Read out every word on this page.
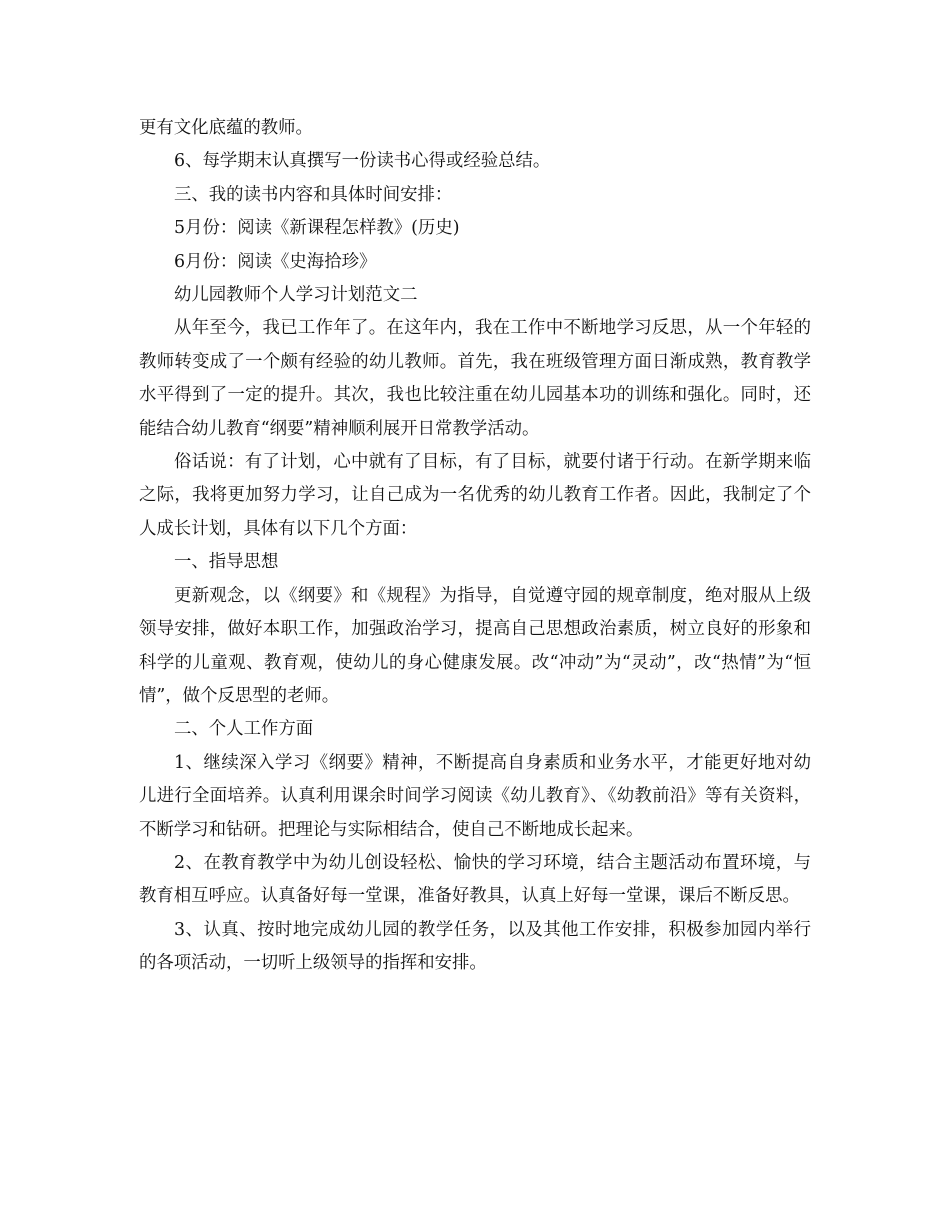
更有文化底蕴的教师。

6、每学期末认真撰写一份读书心得或经验总结。

三、我的读书内容和具体时间安排：

5月份：阅读《新课程怎样教》(历史)

6月份：阅读《史海拾珍》

幼儿园教师个人学习计划范文二

从年至今，我已工作年了。在这年内，我在工作中不断地学习反思，从一个年轻的教师转变成了一个颇有经验的幼儿教师。首先，我在班级管理方面日渐成熟，教育教学水平得到了一定的提升。其次，我也比较注重在幼儿园基本功的训练和强化。同时，还能结合幼儿教育“纲要”精神顺利展开日常教学活动。

俗话说：有了计划，心中就有了目标，有了目标，就要付诸于行动。在新学期来临之际，我将更加努力学习，让自己成为一名优秀的幼儿教育工作者。因此，我制定了个人成长计划，具体有以下几个方面：

一、指导思想

更新观念，以《纲要》和《规程》为指导，自觉遵守园的规章制度，绝对服从上级领导安排，做好本职工作，加强政治学习，提高自己思想政治素质，树立良好的形象和科学的儿童观、教育观，使幼儿的身心健康发展。改“冲动”为“灵动”，改“热情”为“恒情”，做个反思型的老师。

二、个人工作方面

1、继续深入学习《纲要》精神，不断提高自身素质和业务水平，才能更好地对幼儿进行全面培养。认真利用课余时间学习阅读《幼儿教育》、《幼教前沿》等有关资料，不断学习和钻研。把理论与实际相结合，使自己不断地成长起来。

2、在教育教学中为幼儿创设轻松、愉快的学习环境，结合主题活动布置环境，与教育相互呼应。认真备好每一堂课，准备好教具，认真上好每一堂课，课后不断反思。

3、认真、按时地完成幼儿园的教学任务，以及其他工作安排，积极参加园内举行的各项活动，一切听上级领导的指挥和安排。
